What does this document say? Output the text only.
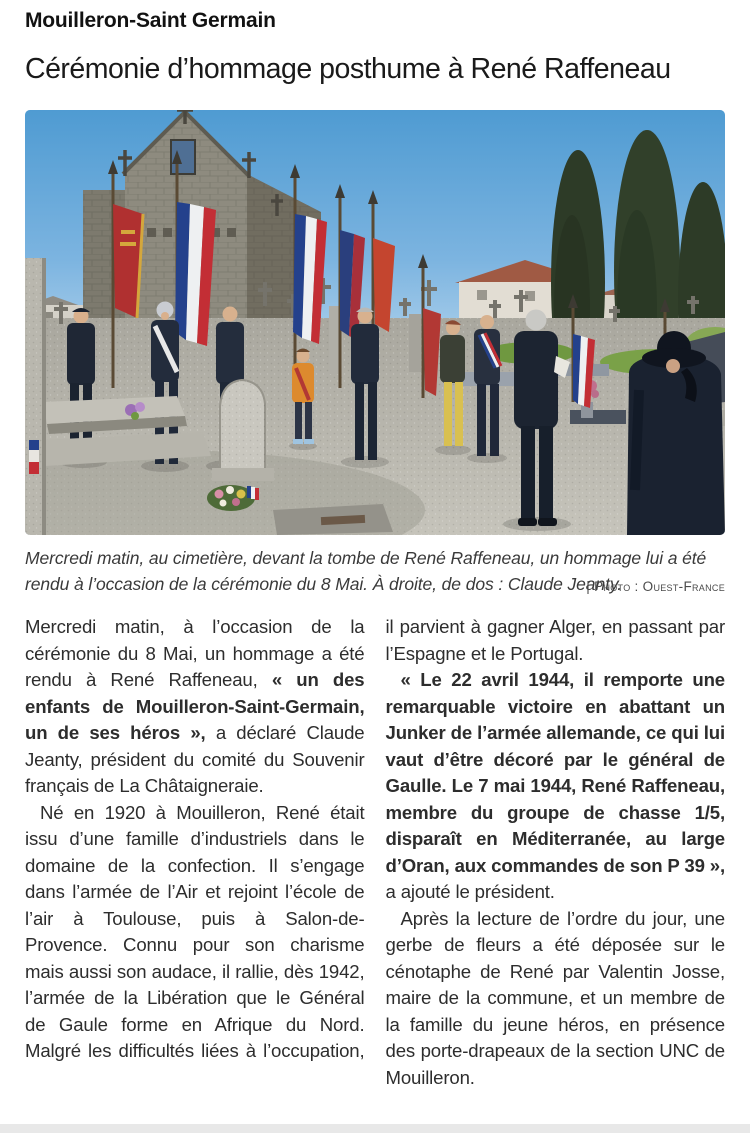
Mouilleron-Saint Germain
Cérémonie d’hommage posthume à René Raffeneau

Mercredi matin, au cimetière, devant la tombe de René Raffeneau, un hommage lui a été rendu à l’occasion de la cérémonie du 8 Mai. À droite, de dos : Claude Jeanty.

| Photo : Ouest-France

Mercredi matin, à l’occasion de la cérémonie du 8 Mai, un hommage a été rendu à René Raffeneau, « un des enfants de Mouilleron-Saint-Germain, un de ses héros », a déclaré Claude Jeanty, président du comité du Souvenir français de La Châtaigneraie.

Né en 1920 à Mouilleron, René était issu d’une famille d’industriels dans le domaine de la confection. Il s’engage dans l’armée de l’Air et rejoint l’école de l’air à Toulouse, puis à Salon-de-Provence. Connu pour son charisme mais aussi son audace, il rallie, dès 1942, l’armée de la Libération que le Général de Gaule forme en Afrique du Nord. Malgré les difficultés liées à l’occupation, il parvient à gagner Alger, en passant par l’Espagne et le Portugal.

« Le 22 avril 1944, il remporte une remarquable victoire en abattant un Junker de l’armée allemande, ce qui lui vaut d’être décoré par le général de Gaulle. Le 7 mai 1944, René Raffeneau, membre du groupe de chasse 1/5, disparaît en Méditerranée, au large d’Oran, aux commandes de son P 39 », a ajouté le président.

Après la lecture de l’ordre du jour, une gerbe de fleurs a été déposée sur le cénotaphe de René par Valentin Josse, maire de la commune, et un membre de la famille du jeune héros, en présence des porte-drapeaux de la section UNC de Mouilleron.
